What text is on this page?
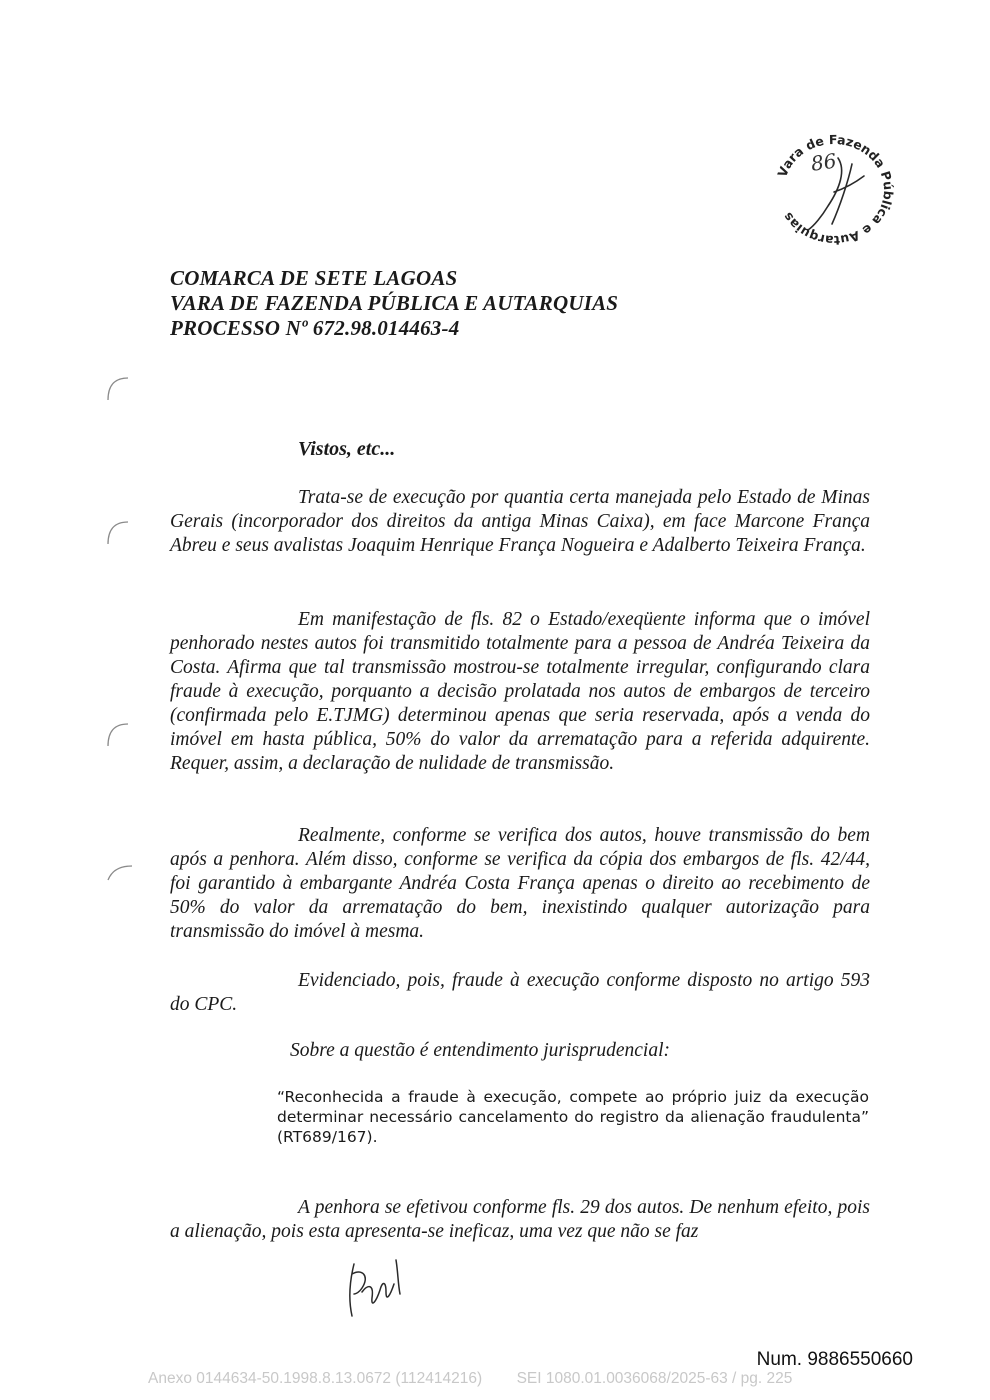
Vara de Fazenda Pública e Autarquias
86
COMARCA DE SETE LAGOAS
VARA DE FAZENDA PÚBLICA E AUTARQUIAS
PROCESSO Nº 672.98.014463-4
Vistos, etc...
Trata-se de execução por quantia certa manejada pelo Estado de Minas Gerais (incorporador dos direitos da antiga Minas Caixa), em face Marcone França Abreu e seus avalistas Joaquim Henrique França Nogueira e Adalberto Teixeira França.
Em manifestação de fls. 82 o Estado/exeqüente informa que o imóvel penhorado nestes autos foi transmitido totalmente para a pessoa de Andréa Teixeira da Costa. Afirma que tal transmissão mostrou-se totalmente irregular, configurando clara fraude à execução, porquanto a decisão prolatada nos autos de embargos de terceiro (confirmada pelo E.TJMG) determinou apenas que seria reservada, após a venda do imóvel em hasta pública, 50% do valor da arrematação para a referida adquirente. Requer, assim, a declaração de nulidade de transmissão.
Realmente, conforme se verifica dos autos, houve transmissão do bem após a penhora. Além disso, conforme se verifica da cópia dos embargos de fls. 42/44, foi garantido à embargante Andréa Costa França apenas o direito ao recebimento de 50% do valor da arrematação do bem, inexistindo qualquer autorização para transmissão do imóvel à mesma.
Evidenciado, pois, fraude à execução conforme disposto no artigo 593 do CPC.
Sobre a questão é entendimento jurisprudencial:
“Reconhecida a fraude à execução, compete ao próprio juiz da execução determinar necessário cancelamento do registro da alienação fraudulenta” (RT689/167).
A penhora se efetivou conforme fls. 29 dos autos. De nenhum efeito, pois a alienação, pois esta apresenta-se ineficaz, uma vez que não se faz
Num. 9886550660
Anexo 0144634-50.1998.8.13.0672 (112414216)        SEI 1080.01.0036068/2025-63 / pg. 225
